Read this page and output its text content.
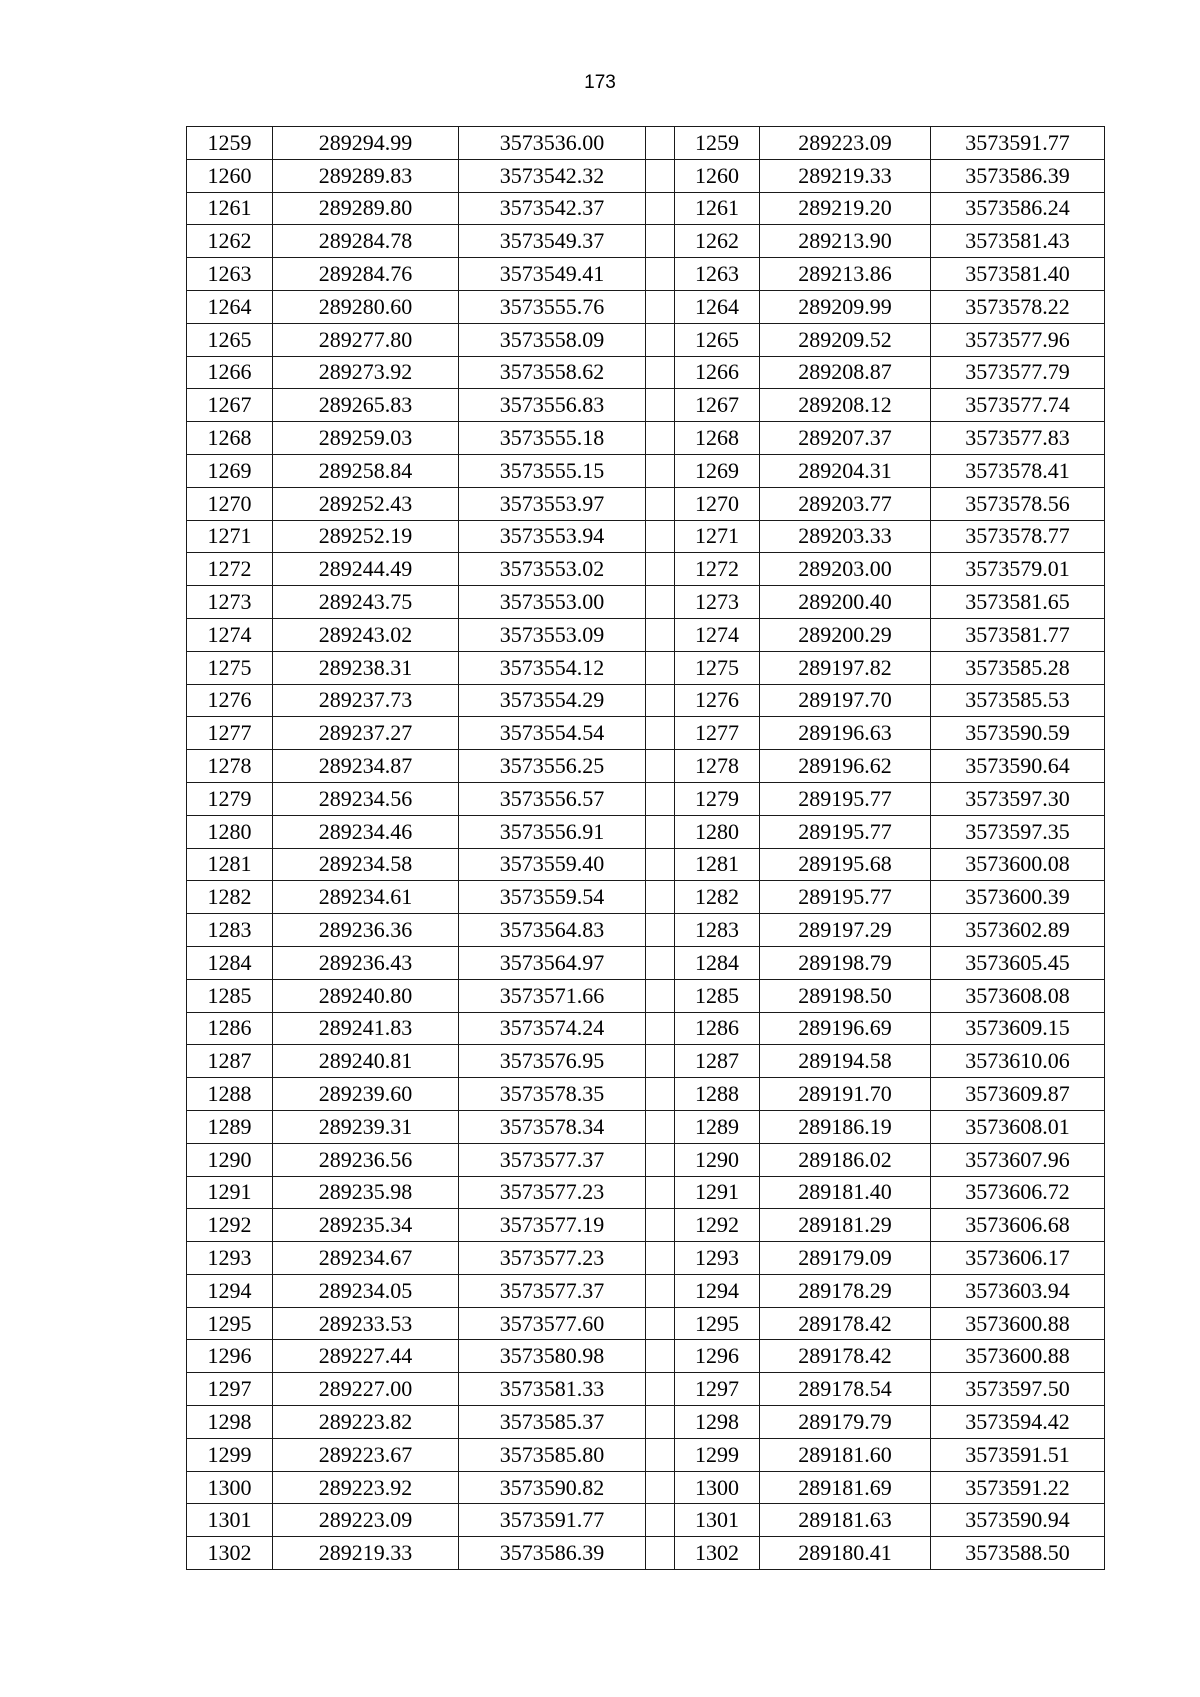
173
1259	289294.99	3573536.00		1259	289223.09	3573591.77
1260	289289.83	3573542.32		1260	289219.33	3573586.39
1261	289289.80	3573542.37		1261	289219.20	3573586.24
1262	289284.78	3573549.37		1262	289213.90	3573581.43
1263	289284.76	3573549.41		1263	289213.86	3573581.40
1264	289280.60	3573555.76		1264	289209.99	3573578.22
1265	289277.80	3573558.09		1265	289209.52	3573577.96
1266	289273.92	3573558.62		1266	289208.87	3573577.79
1267	289265.83	3573556.83		1267	289208.12	3573577.74
1268	289259.03	3573555.18		1268	289207.37	3573577.83
1269	289258.84	3573555.15		1269	289204.31	3573578.41
1270	289252.43	3573553.97		1270	289203.77	3573578.56
1271	289252.19	3573553.94		1271	289203.33	3573578.77
1272	289244.49	3573553.02		1272	289203.00	3573579.01
1273	289243.75	3573553.00		1273	289200.40	3573581.65
1274	289243.02	3573553.09		1274	289200.29	3573581.77
1275	289238.31	3573554.12		1275	289197.82	3573585.28
1276	289237.73	3573554.29		1276	289197.70	3573585.53
1277	289237.27	3573554.54		1277	289196.63	3573590.59
1278	289234.87	3573556.25		1278	289196.62	3573590.64
1279	289234.56	3573556.57		1279	289195.77	3573597.30
1280	289234.46	3573556.91		1280	289195.77	3573597.35
1281	289234.58	3573559.40		1281	289195.68	3573600.08
1282	289234.61	3573559.54		1282	289195.77	3573600.39
1283	289236.36	3573564.83		1283	289197.29	3573602.89
1284	289236.43	3573564.97		1284	289198.79	3573605.45
1285	289240.80	3573571.66		1285	289198.50	3573608.08
1286	289241.83	3573574.24		1286	289196.69	3573609.15
1287	289240.81	3573576.95		1287	289194.58	3573610.06
1288	289239.60	3573578.35		1288	289191.70	3573609.87
1289	289239.31	3573578.34		1289	289186.19	3573608.01
1290	289236.56	3573577.37		1290	289186.02	3573607.96
1291	289235.98	3573577.23		1291	289181.40	3573606.72
1292	289235.34	3573577.19		1292	289181.29	3573606.68
1293	289234.67	3573577.23		1293	289179.09	3573606.17
1294	289234.05	3573577.37		1294	289178.29	3573603.94
1295	289233.53	3573577.60		1295	289178.42	3573600.88
1296	289227.44	3573580.98		1296	289178.42	3573600.88
1297	289227.00	3573581.33		1297	289178.54	3573597.50
1298	289223.82	3573585.37		1298	289179.79	3573594.42
1299	289223.67	3573585.80		1299	289181.60	3573591.51
1300	289223.92	3573590.82		1300	289181.69	3573591.22
1301	289223.09	3573591.77		1301	289181.63	3573590.94
1302	289219.33	3573586.39		1302	289180.41	3573588.50
